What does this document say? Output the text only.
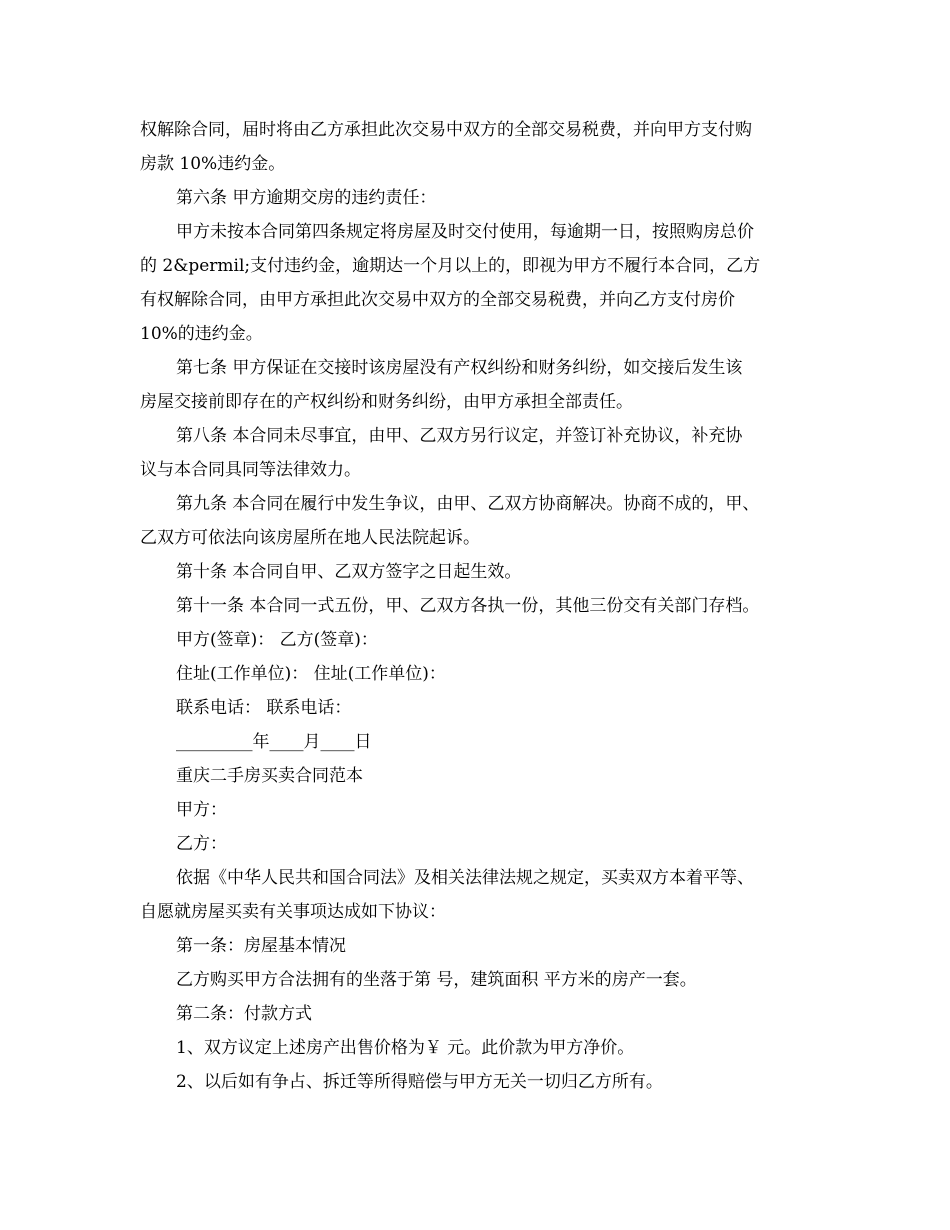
权解除合同，届时将由乙方承担此次交易中双方的全部交易税费，并向甲方支付购
房款 10%违约金。
第六条 甲方逾期交房的违约责任：
甲方未按本合同第四条规定将房屋及时交付使用，每逾期一日，按照购房总价
的 2&permil;支付违约金，逾期达一个月以上的，即视为甲方不履行本合同，乙方
有权解除合同，由甲方承担此次交易中双方的全部交易税费，并向乙方支付房价
10%的违约金。
第七条 甲方保证在交接时该房屋没有产权纠纷和财务纠纷，如交接后发生该
房屋交接前即存在的产权纠纷和财务纠纷，由甲方承担全部责任。
第八条 本合同未尽事宜，由甲、乙双方另行议定，并签订补充协议，补充协
议与本合同具同等法律效力。
第九条 本合同在履行中发生争议，由甲、乙双方协商解决。协商不成的，甲、
乙双方可依法向该房屋所在地人民法院起诉。
第十条 本合同自甲、乙双方签字之日起生效。
第十一条 本合同一式五份，甲、乙双方各执一份，其他三份交有关部门存档。
甲方(签章)： 乙方(签章)：
住址(工作单位)： 住址(工作单位)：
联系电话： 联系电话：
_________年____月____日
重庆二手房买卖合同范本
甲方：
乙方：
依据《中华人民共和国合同法》及相关法律法规之规定，买卖双方本着平等、
自愿就房屋买卖有关事项达成如下协议：
第一条：房屋基本情况
乙方购买甲方合法拥有的坐落于第 号，建筑面积 平方米的房产一套。
第二条：付款方式
1、双方议定上述房产出售价格为￥ 元。此价款为甲方净价。
2、以后如有争占、拆迁等所得赔偿与甲方无关一切归乙方所有。
